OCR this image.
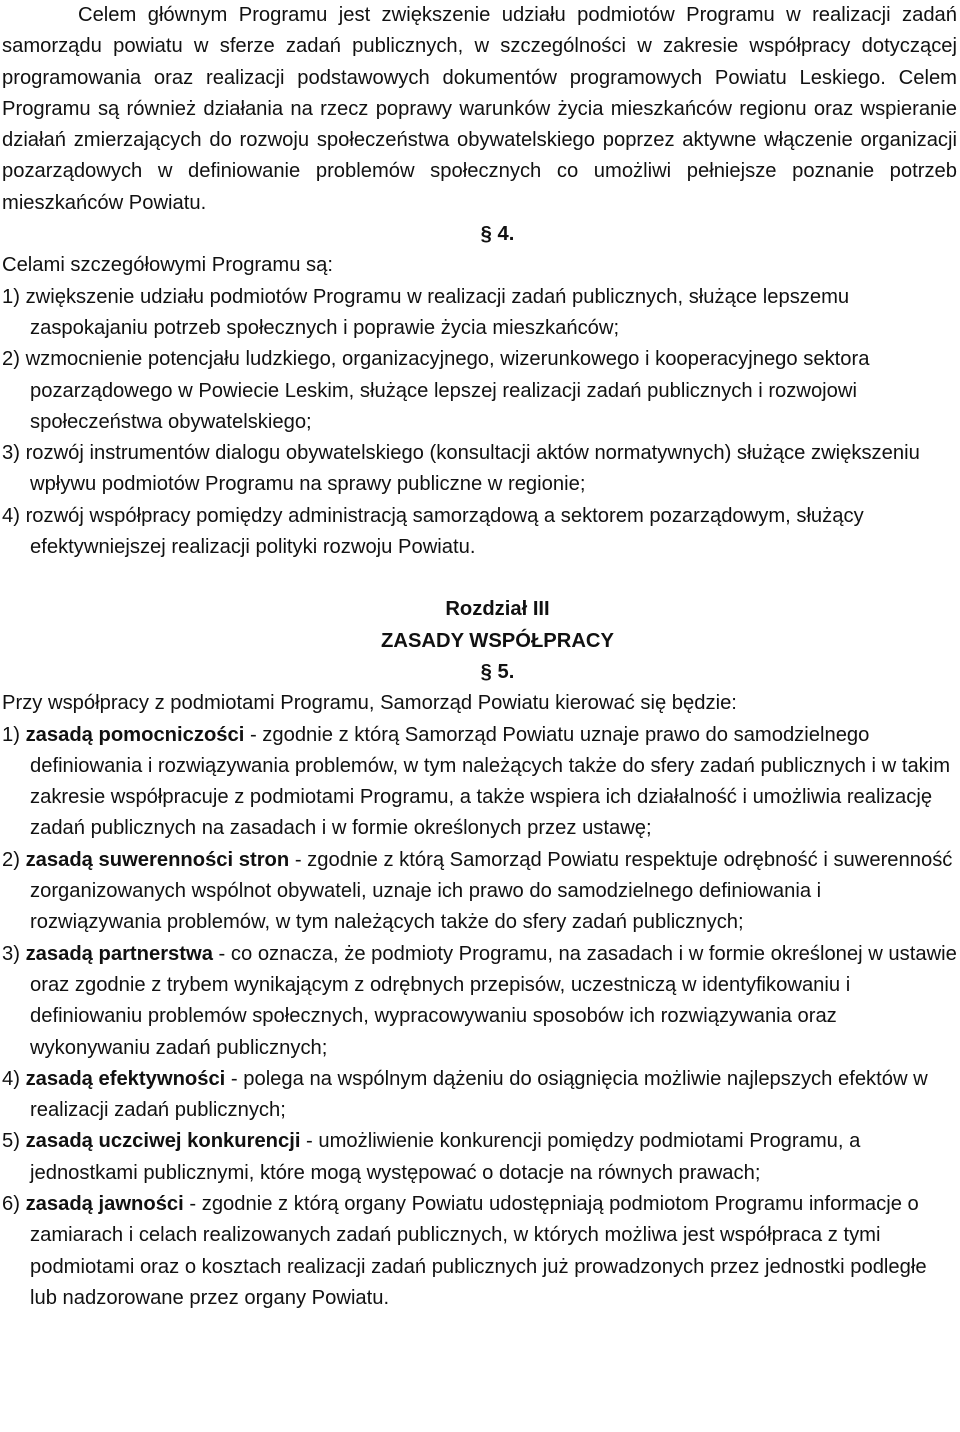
Celem głównym Programu jest zwiększenie udziału podmiotów Programu w realizacji zadań samorządu powiatu w sferze zadań publicznych, w szczególności w zakresie współpracy dotyczącej programowania oraz realizacji podstawowych dokumentów programowych Powiatu Leskiego. Celem Programu są również działania na rzecz poprawy warunków życia mieszkańców regionu oraz wspieranie działań zmierzających do rozwoju społeczeństwa obywatelskiego poprzez aktywne włączenie organizacji pozarządowych w definiowanie problemów społecznych co umożliwi pełniejsze poznanie potrzeb mieszkańców Powiatu.

§ 4.

Celami szczegółowymi Programu są:

1) zwiększenie udziału podmiotów Programu w realizacji zadań publicznych, służące lepszemu zaspokajaniu potrzeb społecznych i poprawie życia mieszkańców;
2) wzmocnienie potencjału ludzkiego, organizacyjnego, wizerunkowego i kooperacyjnego sektora pozarządowego w Powiecie Leskim, służące lepszej realizacji zadań publicznych i rozwojowi społeczeństwa obywatelskiego;
3) rozwój instrumentów dialogu obywatelskiego (konsultacji aktów normatywnych) służące zwiększeniu wpływu podmiotów Programu na sprawy publiczne w regionie;
4) rozwój współpracy pomiędzy administracją samorządową a sektorem pozarządowym, służący efektywniejszej realizacji polityki rozwoju Powiatu.

Rozdział III

ZASADY WSPÓŁPRACY

§ 5.

Przy współpracy z podmiotami Programu, Samorząd Powiatu kierować się będzie:

1) zasadą pomocniczości - zgodnie z którą Samorząd Powiatu uznaje prawo do samodzielnego definiowania i rozwiązywania problemów, w tym należących także do sfery zadań publicznych i w takim zakresie współpracuje z podmiotami Programu, a także wspiera ich działalność i umożliwia realizację zadań publicznych na zasadach i w formie określonych przez ustawę;
2) zasadą suwerenności stron - zgodnie z którą Samorząd Powiatu respektuje odrębność i suwerenność zorganizowanych wspólnot obywateli, uznaje ich prawo do samodzielnego definiowania i rozwiązywania problemów, w tym należących także do sfery zadań publicznych;
3) zasadą partnerstwa - co oznacza, że podmioty Programu, na zasadach i w formie określonej w ustawie oraz zgodnie z trybem wynikającym z odrębnych przepisów, uczestniczą w identyfikowaniu i definiowaniu problemów społecznych, wypracowywaniu sposobów ich rozwiązywania oraz wykonywaniu zadań publicznych;
4) zasadą efektywności - polega na wspólnym dążeniu do osiągnięcia możliwie najlepszych efektów w realizacji zadań publicznych;
5) zasadą uczciwej konkurencji - umożliwienie konkurencji pomiędzy podmiotami Programu, a jednostkami publicznymi, które mogą występować o dotacje na równych prawach;
6) zasadą jawności - zgodnie z którą organy Powiatu udostępniają podmiotom Programu informacje o zamiarach i celach realizowanych zadań publicznych, w których możliwa jest współpraca z tymi podmiotami oraz o kosztach realizacji zadań publicznych już prowadzonych przez jednostki podległe lub nadzorowane przez organy Powiatu.
